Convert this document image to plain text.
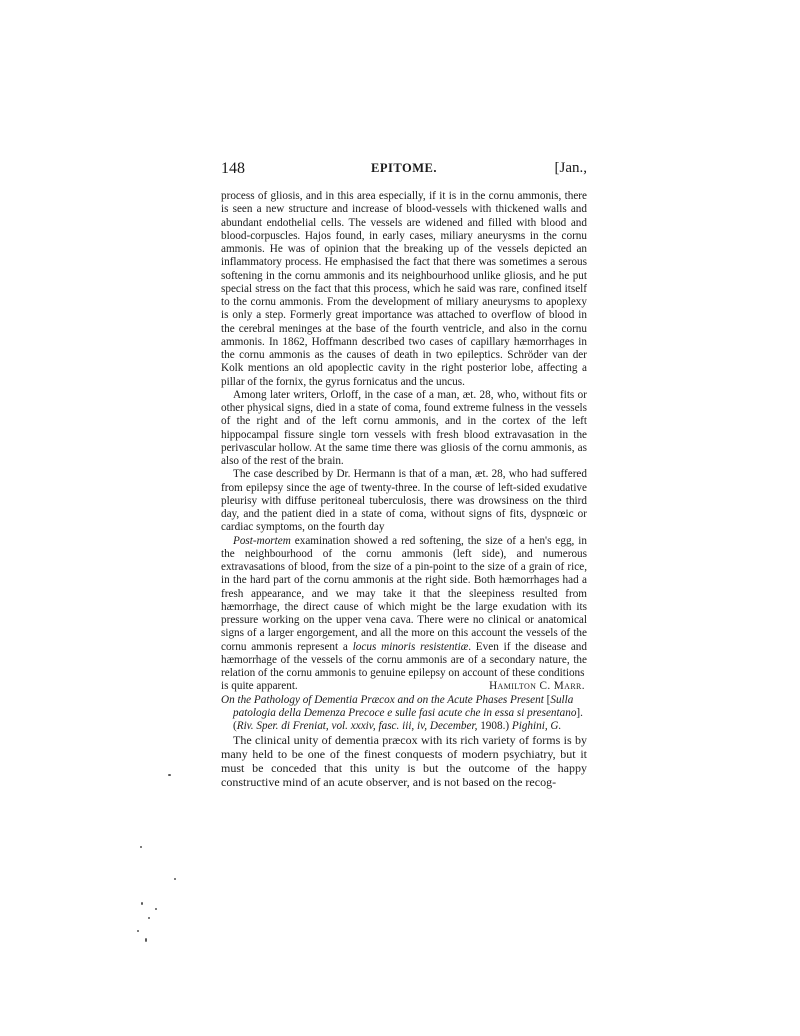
148	EPITOME.	[Jan.,

process of gliosis, and in this area especially, if it is in the cornu ammonis, there is seen a new structure and increase of blood-vessels with thickened walls and abundant endothelial cells. The vessels are widened and filled with blood and blood-corpuscles. Hajos found, in early cases, miliary aneurysms in the cornu ammonis. He was of opinion that the breaking up of the vessels depicted an inflammatory process. He emphasised the fact that there was sometimes a serous softening in the cornu ammonis and its neighbourhood unlike gliosis, and he put special stress on the fact that this process, which he said was rare, confined itself to the cornu ammonis. From the development of miliary aneurysms to apoplexy is only a step. Formerly great importance was attached to overflow of blood in the cerebral meninges at the base of the fourth ventricle, and also in the cornu ammonis. In 1862, Hoffmann described two cases of capillary hæmorrhages in the cornu ammonis as the causes of death in two epileptics. Schröder van der Kolk mentions an old apoplectic cavity in the right posterior lobe, affecting a pillar of the fornix, the gyrus fornicatus and the uncus.

Among later writers, Orloff, in the case of a man, æt. 28, who, without fits or other physical signs, died in a state of coma, found extreme fulness in the vessels of the right and of the left cornu ammonis, and in the cortex of the left hippocampal fissure single torn vessels with fresh blood extravasation in the perivascular hollow. At the same time there was gliosis of the cornu ammonis, as also of the rest of the brain.

The case described by Dr. Hermann is that of a man, æt. 28, who had suffered from epilepsy since the age of twenty-three. In the course of left-sided exudative pleurisy with diffuse peritoneal tuberculosis, there was drowsiness on the third day, and the patient died in a state of coma, without signs of fits, dyspnœic or cardiac symptoms, on the fourth day

Post-mortem examination showed a red softening, the size of a hen's egg, in the neighbourhood of the cornu ammonis (left side), and numerous extravasations of blood, from the size of a pin-point to the size of a grain of rice, in the hard part of the cornu ammonis at the right side. Both hæmorrhages had a fresh appearance, and we may take it that the sleepiness resulted from hæmorrhage, the direct cause of which might be the large exudation with its pressure working on the upper vena cava. There were no clinical or anatomical signs of a larger engorgement, and all the more on this account the vessels of the cornu ammonis represent a locus minoris resistentiæ. Even if the disease and hæmorrhage of the vessels of the cornu ammonis are of a secondary nature, the relation of the cornu ammonis to genuine epilepsy on account of these conditions

is quite apparent.	Hamilton C. Marr.

On the Pathology of Dementia Præcox and on the Acute Phases Present [Sulla patologia della Demenza Precoce e sulle fasi acute che in essa si presentano]. (Riv. Sper. di Freniat, vol. xxxiv, fasc. iii, iv, December, 1908.) Pighini, G.

The clinical unity of dementia præcox with its rich variety of forms is by many held to be one of the finest conquests of modern psychiatry, but it must be conceded that this unity is but the outcome of the happy constructive mind of an acute observer, and is not based on the recog-
